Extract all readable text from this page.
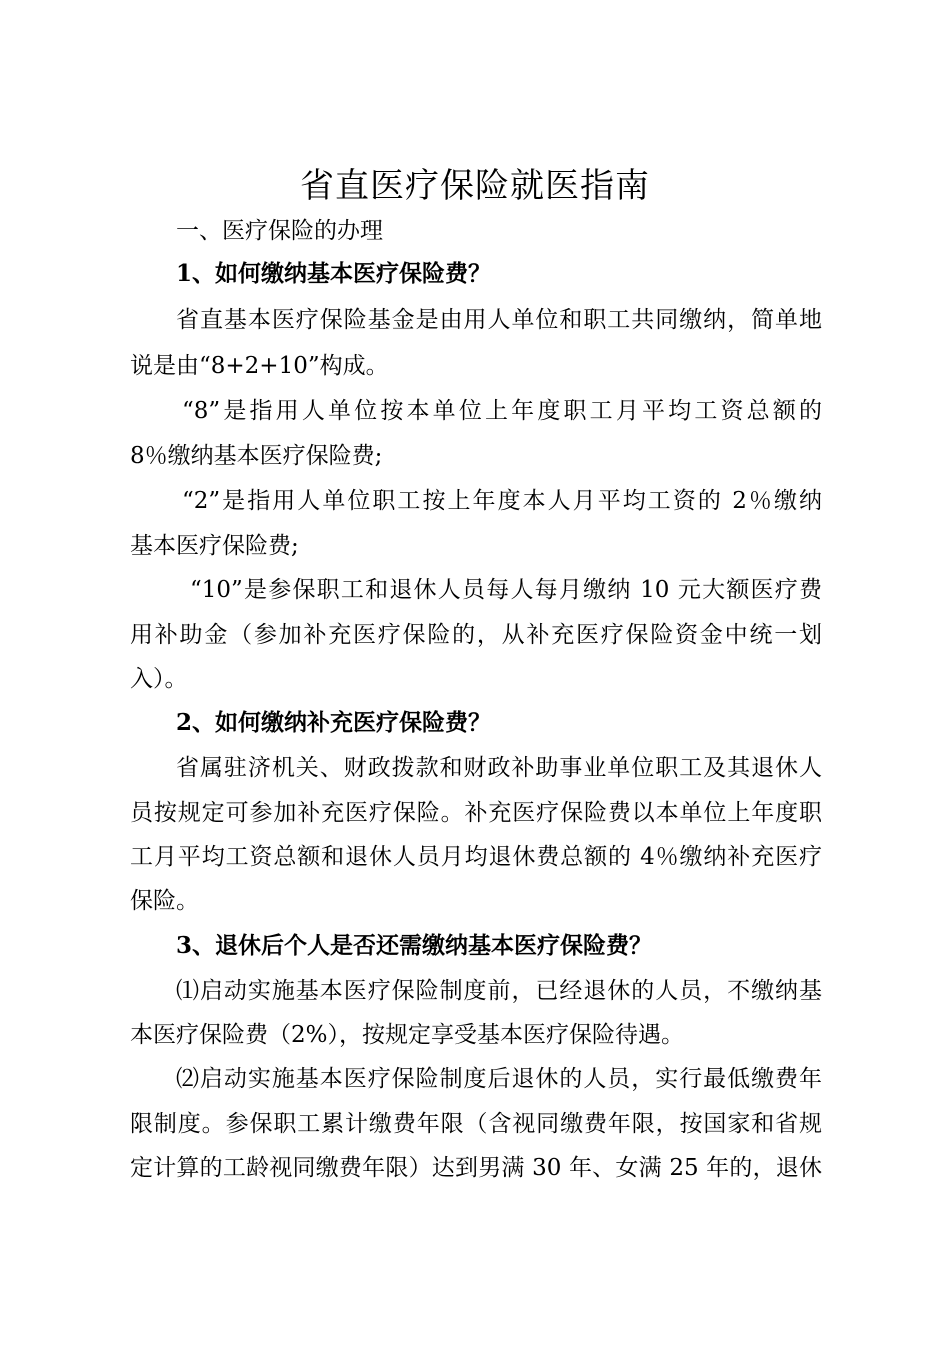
省直医疗保险就医指南
一、医疗保险的办理
1、如何缴纳基本医疗保险费？
省直基本医疗保险基金是由用人单位和职工共同缴纳，简单地
说是由“8+2+10”构成。
“8”是指用人单位按本单位上年度职工月平均工资总额的
8％缴纳基本医疗保险费;
“2”是指用人单位职工按上年度本人月平均工资的 2％缴纳
基本医疗保险费;
“10”是参保职工和退休人员每人每月缴纳 10 元大额医疗费
用补助金（参加补充医疗保险的，从补充医疗保险资金中统一划
入）。
2、如何缴纳补充医疗保险费？
省属驻济机关、财政拨款和财政补助事业单位职工及其退休人
员按规定可参加补充医疗保险。补充医疗保险费以本单位上年度职
工月平均工资总额和退休人员月均退休费总额的 4％缴纳补充医疗
保险。
3、退休后个人是否还需缴纳基本医疗保险费？
⑴启动实施基本医疗保险制度前，已经退休的人员，不缴纳基
本医疗保险费（2%），按规定享受基本医疗保险待遇。
⑵启动实施基本医疗保险制度后退休的人员，实行最低缴费年
限制度。参保职工累计缴费年限（含视同缴费年限，按国家和省规
定计算的工龄视同缴费年限）达到男满 30 年、女满 25 年的，退休
